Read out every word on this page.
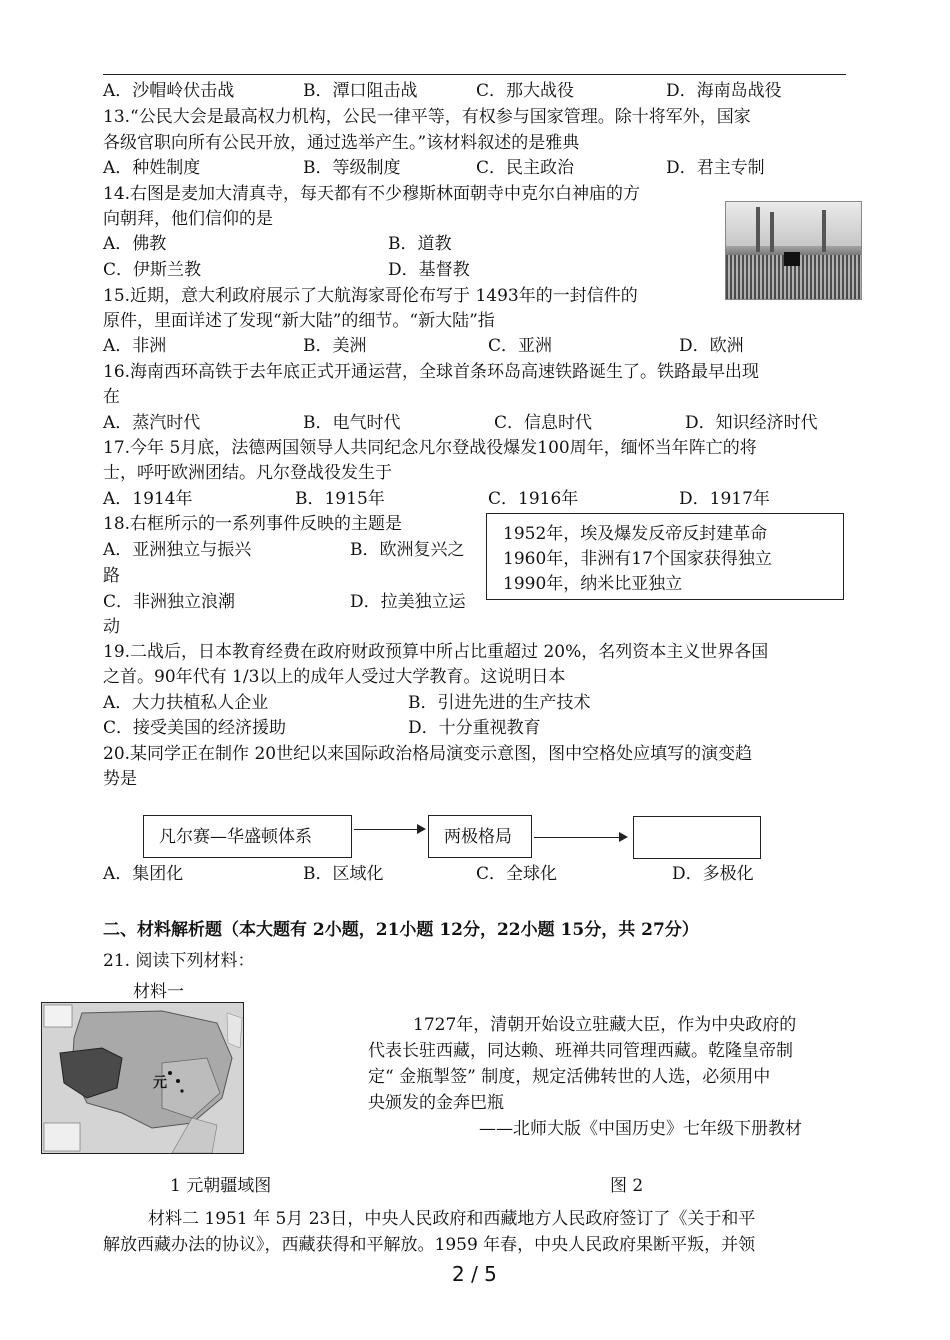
A．沙帽岭伏击战	B．潭口阻击战	C．那大战役	D．海南岛战役
13.“公民大会是最高权力机构，公民一律平等，有权参与国家管理。除十将军外，国家
各级官职向所有公民开放，通过选举产生。”该材料叙述的是雅典
A．种姓制度	B．等级制度	C．民主政治	D．君主专制
14.右图是麦加大清真寺，每天都有不少穆斯林面朝寺中克尔白神庙的方
向朝拜，他们信仰的是
A．佛教	B．道教
C．伊斯兰教	D．基督教
15.近期，意大利政府展示了大航海家哥伦布写于 1493年的一封信件的
原件，里面详述了发现“新大陆”的细节。“新大陆”指
A．非洲	B．美洲	C．亚洲	D．欧洲
16.海南西环高铁于去年底正式开通运营，全球首条环岛高速铁路诞生了。铁路最早出现
在
A．蒸汽时代	B．电气时代	C．信息时代	D．知识经济时代
17.今年 5月底，法德两国领导人共同纪念凡尔登战役爆发100周年，缅怀当年阵亡的将
士，呼吁欧洲团结。凡尔登战役发生于
A．1914年	B．1915年	C．1916年	D．1917年
18.右框所示的一系列事件反映的主题是
A．亚洲独立与振兴	B．欧洲复兴之
路
C．非洲独立浪潮	D．拉美独立运
动
1952年，埃及爆发反帝反封建革命
1960年，非洲有17个国家获得独立
1990年，纳米比亚独立
19.二战后，日本教育经费在政府财政预算中所占比重超过 20%，名列资本主义世界各国
之首。90年代有 1/3以上的成年人受过大学教育。这说明日本
A．大力扶植私人企业	B．引进先进的生产技术
C．接受美国的经济援助	D．十分重视教育
20.某同学正在制作 20世纪以来国际政治格局演变示意图，图中空格处应填写的演变趋
势是
凡尔赛—华盛顿体系	两极格局
A．集团化	B．区域化	C．全球化	D．多极化
二、材料解析题（本大题有 2小题，21小题 12分，22小题 15分，共 27分）
21. 阅读下列材料：
材料一
元
1727年，清朝开始设立驻藏大臣，作为中央政府的
代表长驻西藏，同达赖、班禅共同管理西藏。乾隆皇帝制
定“ 金瓶掣签” 制度，规定活佛转世的人选，必须用中
央颁发的金奔巴瓶
——北师大版《中国历史》七年级下册教材
1 元朝疆域图	图 2
材料二 1951 年 5月 23日，中央人民政府和西藏地方人民政府签订了《关于和平
解放西藏办法的协议》，西藏获得和平解放。1959 年春，中央人民政府果断平叛，并领
2 / 5
